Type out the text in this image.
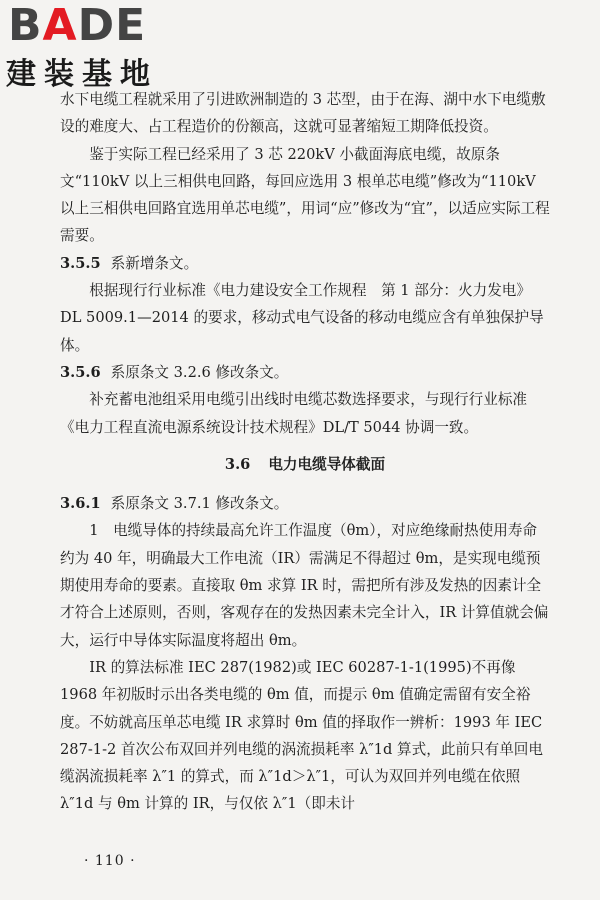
BADE
建装基地

水下电缆工程就采用了引进欧洲制造的 3 芯型，由于在海、湖中水下电缆敷设的难度大、占工程造价的份额高，这就可显著缩短工期降低投资。

鉴于实际工程已经采用了 3 芯 220kV 小截面海底电缆，故原条文“110kV 以上三相供电回路，每回应选用 3 根单芯电缆”修改为“110kV 以上三相供电回路宜选用单芯电缆”，用词“应”修改为“宜”，以适应实际工程需要。

3.5.5 系新增条文。

根据现行行业标准《电力建设安全工作规程　第 1 部分：火力发电》DL 5009.1—2014 的要求，移动式电气设备的移动电缆应含有单独保护导体。

3.5.6 系原条文 3.2.6 修改条文。

补充蓄电池组采用电缆引出线时电缆芯数选择要求，与现行行业标准《电力工程直流电源系统设计技术规程》DL/T 5044 协调一致。

3.6 电力电缆导体截面

3.6.1 系原条文 3.7.1 修改条文。

1　电缆导体的持续最高允许工作温度（θm），对应绝缘耐热使用寿命约为 40 年，明确最大工作电流（IR）需满足不得超过 θm，是实现电缆预期使用寿命的要素。直接取 θm 求算 IR 时，需把所有涉及发热的因素计全才符合上述原则，否则，客观存在的发热因素未完全计入，IR 计算值就会偏大，运行中导体实际温度将超出 θm。

IR 的算法标准 IEC 287(1982)或 IEC 60287-1-1(1995)不再像 1968 年初版时示出各类电缆的 θm 值，而提示 θm 值确定需留有安全裕度。不妨就高压单芯电缆 IR 求算时 θm 值的择取作一辨析：1993 年 IEC 287-1-2 首次公布双回并列电缆的涡流损耗率 λ″1d 算式，此前只有单回电缆涡流损耗率 λ″1 的算式，而 λ″1d＞λ″1，可认为双回并列电缆在依照 λ″1d 与 θm 计算的 IR，与仅依 λ″1（即未计

· 110 ·
